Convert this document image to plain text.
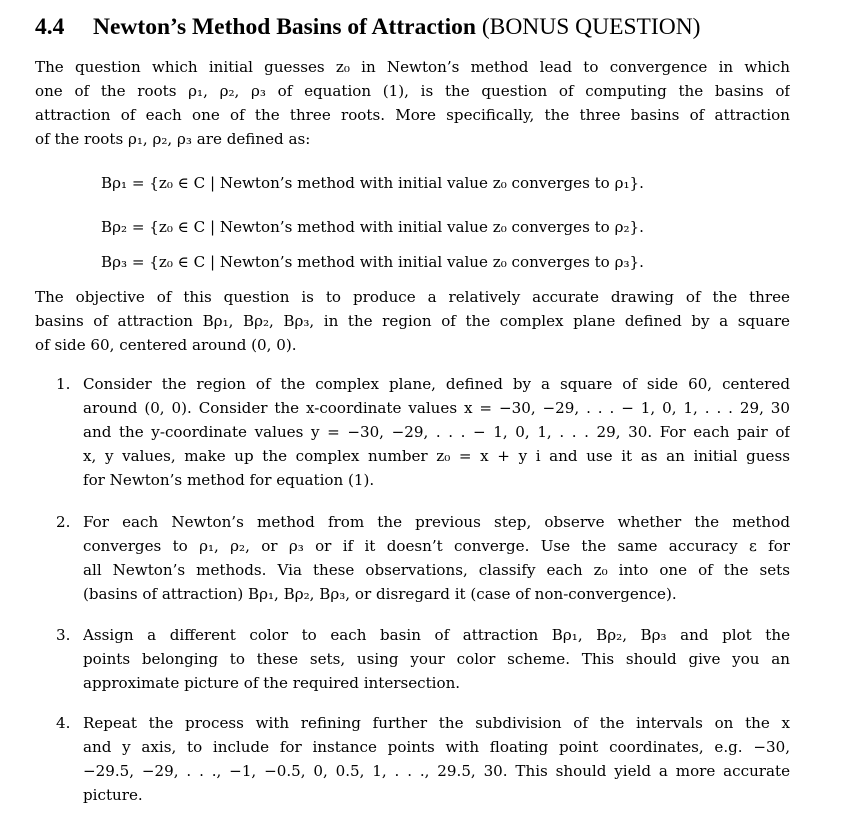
4.4 Newton’s Method Basins of Attraction (BONUS QUESTION)
The question which initial guesses z₀ in Newton’s method lead to convergence in which
one of the roots ρ₁, ρ₂, ρ₃ of equation (1), is the question of computing the basins of
attraction of each one of the three roots. More specifically, the three basins of attraction
of the roots ρ₁, ρ₂, ρ₃ are defined as:
Bρ₁ = {z₀ ∈ C | Newton’s method with initial value z₀ converges to ρ₁}.
Bρ₂ = {z₀ ∈ C | Newton’s method with initial value z₀ converges to ρ₂}.
Bρ₃ = {z₀ ∈ C | Newton’s method with initial value z₀ converges to ρ₃}.
The objective of this question is to produce a relatively accurate drawing of the three
basins of attraction Bρ₁, Bρ₂, Bρ₃, in the region of the complex plane defined by a square
of side 60, centered around (0, 0).
1. Consider the region of the complex plane, defined by a square of side 60, centered
around (0, 0). Consider the x-coordinate values x = −30, −29, . . . − 1, 0, 1, . . . 29, 30
and the y-coordinate values y = −30, −29, . . . − 1, 0, 1, . . . 29, 30. For each pair of
x, y values, make up the complex number z₀ = x + y i and use it as an initial guess
for Newton’s method for equation (1).
2. For each Newton’s method from the previous step, observe whether the method
converges to ρ₁, ρ₂, or ρ₃ or if it doesn’t converge. Use the same accuracy ε for
all Newton’s methods. Via these observations, classify each z₀ into one of the sets
(basins of attraction) Bρ₁, Bρ₂, Bρ₃, or disregard it (case of non-convergence).
3. Assign a different color to each basin of attraction Bρ₁, Bρ₂, Bρ₃ and plot the
points belonging to these sets, using your color scheme. This should give you an
approximate picture of the required intersection.
4. Repeat the process with refining further the subdivision of the intervals on the x
and y axis, to include for instance points with floating point coordinates, e.g. −30,
−29.5, −29, . . ., −1, −0.5, 0, 0.5, 1, . . ., 29.5, 30. This should yield a more accurate
picture.
